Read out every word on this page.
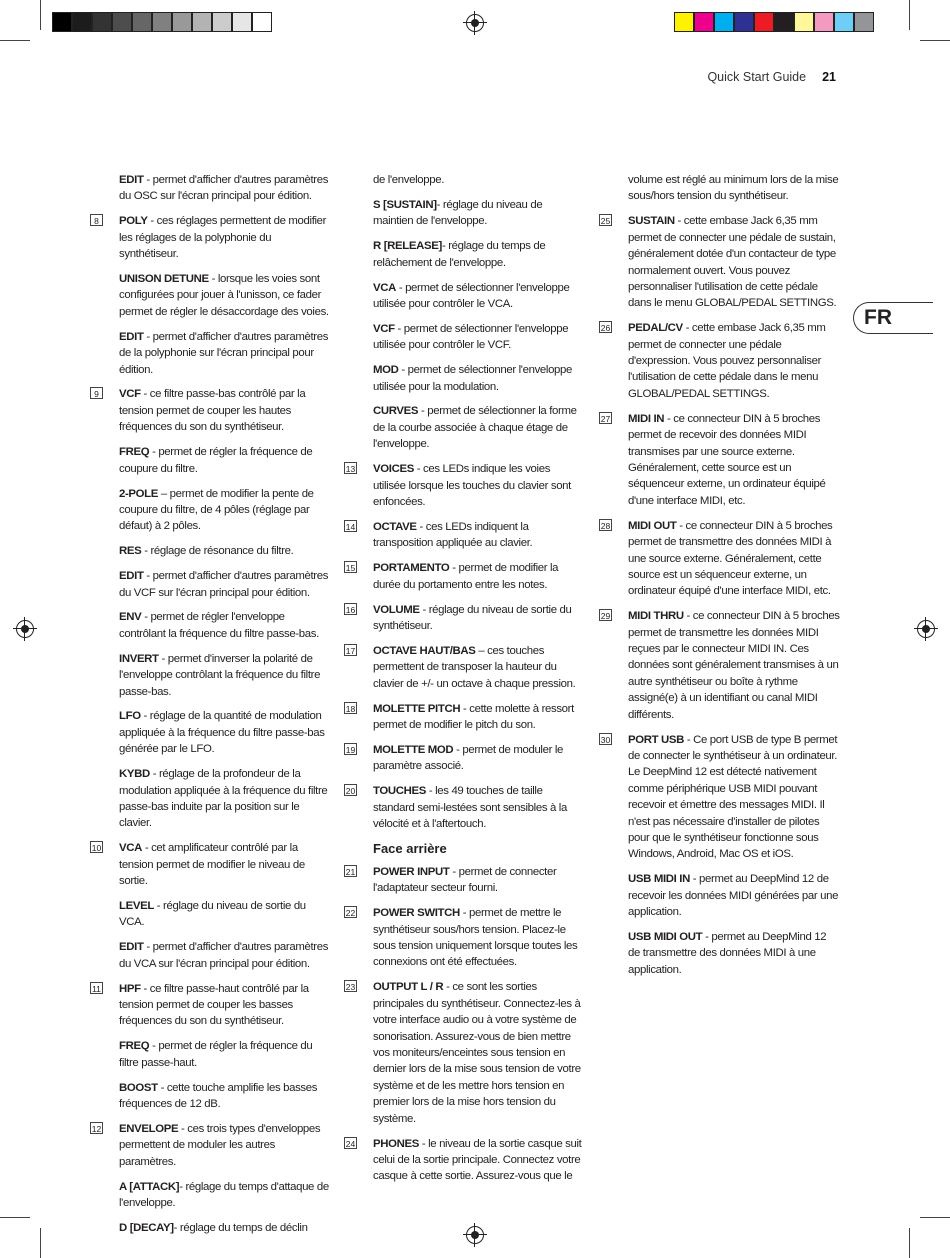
Quick Start Guide 21
FR
EDIT - permet d'afficher d'autres paramètres du OSC sur l'écran principal pour édition.
8	POLY - ces réglages permettent de modifier les réglages de la polyphonie du synthétiseur.
UNISON DETUNE - lorsque les voies sont configurées pour jouer à l'unisson, ce fader permet de régler le désaccordage des voies.
EDIT - permet d'afficher d'autres paramètres de la polyphonie sur l'écran principal pour édition.
9	VCF - ce filtre passe-bas contrôlé par la tension permet de couper les hautes fréquences du son du synthétiseur.
FREQ - permet de régler la fréquence de coupure du filtre.
2-POLE – permet de modifier la pente de coupure du filtre, de 4 pôles (réglage par défaut) à 2 pôles.
RES - réglage de résonance du filtre.
EDIT - permet d'afficher d'autres paramètres du VCF sur l'écran principal pour édition.
ENV - permet de régler l'enveloppe contrôlant la fréquence du filtre passe-bas.
INVERT - permet d'inverser la polarité de l'enveloppe contrôlant la fréquence du filtre passe-bas.
LFO - réglage de la quantité de modulation appliquée à la fréquence du filtre passe-bas générée par le LFO.
KYBD - réglage de la profondeur de la modulation appliquée à la fréquence du filtre passe-bas induite par la position sur le clavier.
10 VCA - cet amplificateur contrôlé par la tension permet de modifier le niveau de sortie.
LEVEL - réglage du niveau de sortie du VCA.
EDIT - permet d'afficher d'autres paramètres du VCA sur l'écran principal pour édition.
11 HPF - ce filtre passe-haut contrôlé par la tension permet de couper les basses fréquences du son du synthétiseur.
FREQ - permet de régler la fréquence du filtre passe-haut.
BOOST - cette touche amplifie les basses fréquences de 12 dB.
12 ENVELOPE - ces trois types d'enveloppes permettent de moduler les autres paramètres.
A [ATTACK]- réglage du temps d'attaque de l'enveloppe.
D [DECAY]- réglage du temps de déclin
de l'enveloppe.
S [SUSTAIN]- réglage du niveau de maintien de l'enveloppe.
R [RELEASE]- réglage du temps de relâchement de l'enveloppe.
VCA - permet de sélectionner l'enveloppe utilisée pour contrôler le VCA.
VCF - permet de sélectionner l'enveloppe utilisée pour contrôler le VCF.
MOD - permet de sélectionner l'enveloppe utilisée pour la modulation.
CURVES - permet de sélectionner la forme de la courbe associée à chaque étage de l'enveloppe.
13 VOICES - ces LEDs indique les voies utilisée lorsque les touches du clavier sont enfoncées.
14 OCTAVE - ces LEDs indiquent la transposition appliquée au clavier.
15 PORTAMENTO - permet de modifier la durée du portamento entre les notes.
16 VOLUME - réglage du niveau de sortie du synthétiseur.
17 OCTAVE HAUT/BAS – ces touches permettent de transposer la hauteur du clavier de +/- un octave à chaque pression.
18 MOLETTE PITCH - cette molette à ressort permet de modifier le pitch du son.
19 MOLETTE MOD - permet de moduler le paramètre associé.
20 TOUCHES - les 49 touches de taille standard semi-lestées sont sensibles à la vélocité et à l'aftertouch.
Face arrière
21 POWER INPUT - permet de connecter l'adaptateur secteur fourni.
22 POWER SWITCH - permet de mettre le synthétiseur sous/hors tension. Placez-le sous tension uniquement lorsque toutes les connexions ont été effectuées.
23 OUTPUT L / R - ce sont les sorties principales du synthétiseur. Connectez-les à votre interface audio ou à votre système de sonorisation. Assurez-vous de bien mettre vos moniteurs/enceintes sous tension en dernier lors de la mise sous tension de votre système et de les mettre hors tension en premier lors de la mise hors tension du système.
24 PHONES - le niveau de la sortie casque suit celui de la sortie principale. Connectez votre casque à cette sortie. Assurez-vous que le
volume est réglé au minimum lors de la mise sous/hors tension du synthétiseur.
25 SUSTAIN - cette embase Jack 6,35 mm permet de connecter une pédale de sustain, généralement dotée d'un contacteur de type normalement ouvert. Vous pouvez personnaliser l'utilisation de cette pédale dans le menu GLOBAL/PEDAL SETTINGS.
26 PEDAL/CV - cette embase Jack 6,35 mm permet de connecter une pédale d'expression. Vous pouvez personnaliser l'utilisation de cette pédale dans le menu GLOBAL/PEDAL SETTINGS.
27 MIDI IN - ce connecteur DIN à 5 broches permet de recevoir des données MIDI transmises par une source externe. Généralement, cette source est un séquenceur externe, un ordinateur équipé d'une interface MIDI, etc.
28 MIDI OUT - ce connecteur DIN à 5 broches permet de transmettre des données MIDI à une source externe. Généralement, cette source est un séquenceur externe, un ordinateur équipé d'une interface MIDI, etc.
29 MIDI THRU - ce connecteur DIN à 5 broches permet de transmettre les données MIDI reçues par le connecteur MIDI IN. Ces données sont généralement transmises à un autre synthétiseur ou boîte à rythme assigné(e) à un identifiant ou canal MIDI différents.
30 PORT USB - Ce port USB de type B permet de connecter le synthétiseur à un ordinateur. Le DeepMind 12 est détecté nativement comme périphérique USB MIDI pouvant recevoir et émettre des messages MIDI. Il n'est pas nécessaire d'installer de pilotes pour que le synthétiseur fonctionne sous Windows, Android, Mac OS et iOS.
USB MIDI IN - permet au DeepMind 12 de recevoir les données MIDI générées par une application.
USB MIDI OUT - permet au DeepMind 12 de transmettre des données MIDI à une application.
